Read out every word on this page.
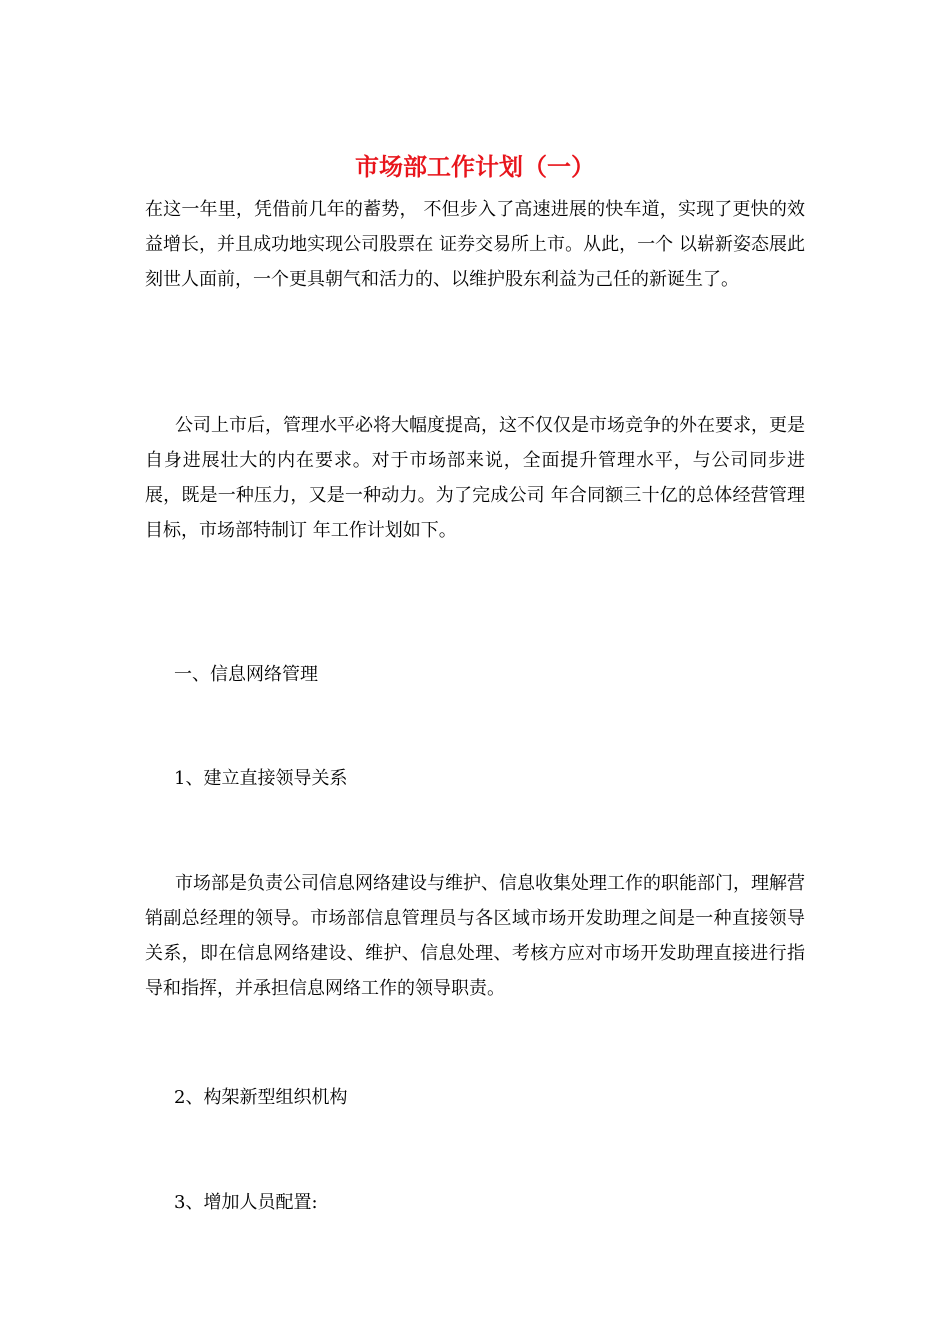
市场部工作计划（一）

在这一年里，凭借前几年的蓄势， 不但步入了高速进展的快车道，实现了更快的效益增长，并且成功地实现公司股票在 证券交易所上市。从此，一个 以崭新姿态展此刻世人面前，一个更具朝气和活力的、以维护股东利益为己任的新诞生了。

公司上市后，管理水平必将大幅度提高，这不仅仅是市场竞争的外在要求，更是自身进展壮大的内在要求。对于市场部来说，全面提升管理水平，与公司同步进展，既是一种压力，又是一种动力。为了完成公司 年合同额三十亿的总体经营管理目标，市场部特制订 年工作计划如下。

一、信息网络管理
1、建立直接领导关系

市场部是负责公司信息网络建设与维护、信息收集处理工作的职能部门，理解营销副总经理的领导。市场部信息管理员与各区域市场开发助理之间是一种直接领导关系，即在信息网络建设、维护、信息处理、考核方应对市场开发助理直接进行指导和指挥，并承担信息网络工作的领导职责。

2、构架新型组织机构
3、增加人员配置:
